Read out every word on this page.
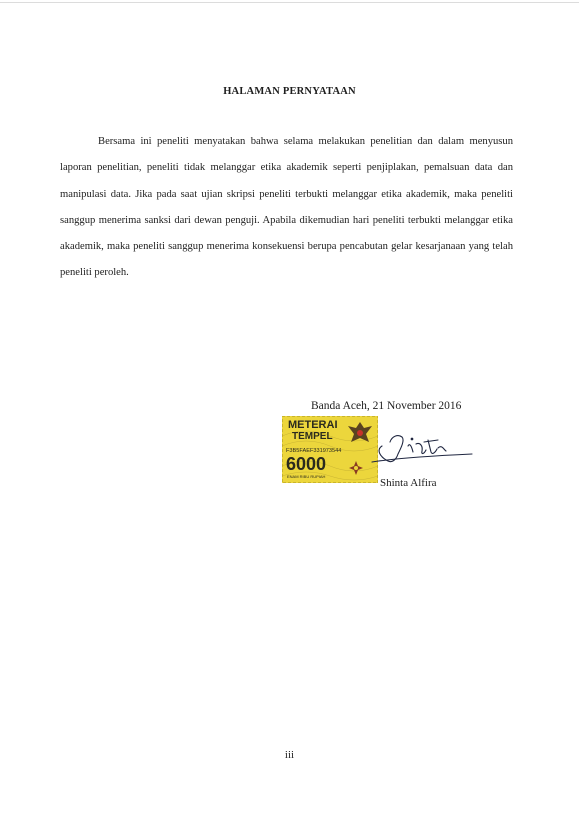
HALAMAN PERNYATAAN

Bersama ini peneliti menyatakan bahwa selama melakukan penelitian dan dalam menyusun laporan penelitian, peneliti tidak melanggar etika akademik seperti penjiplakan, pemalsuan data dan manipulasi data. Jika pada saat ujian skripsi peneliti terbukti melanggar etika akademik, maka peneliti sanggup menerima sanksi dari dewan penguji. Apabila dikemudian hari peneliti terbukti melanggar etika akademik, maka peneliti sanggup menerima konsekuensi berupa pencabutan gelar kesarjanaan yang telah peneliti peroleh.

Banda Aceh, 21 November 2016
METERAI
TEMPEL
F3B5FAEF331973544
6000
ENAM RIBU RUPIAH
Shinta Alfira
iii
